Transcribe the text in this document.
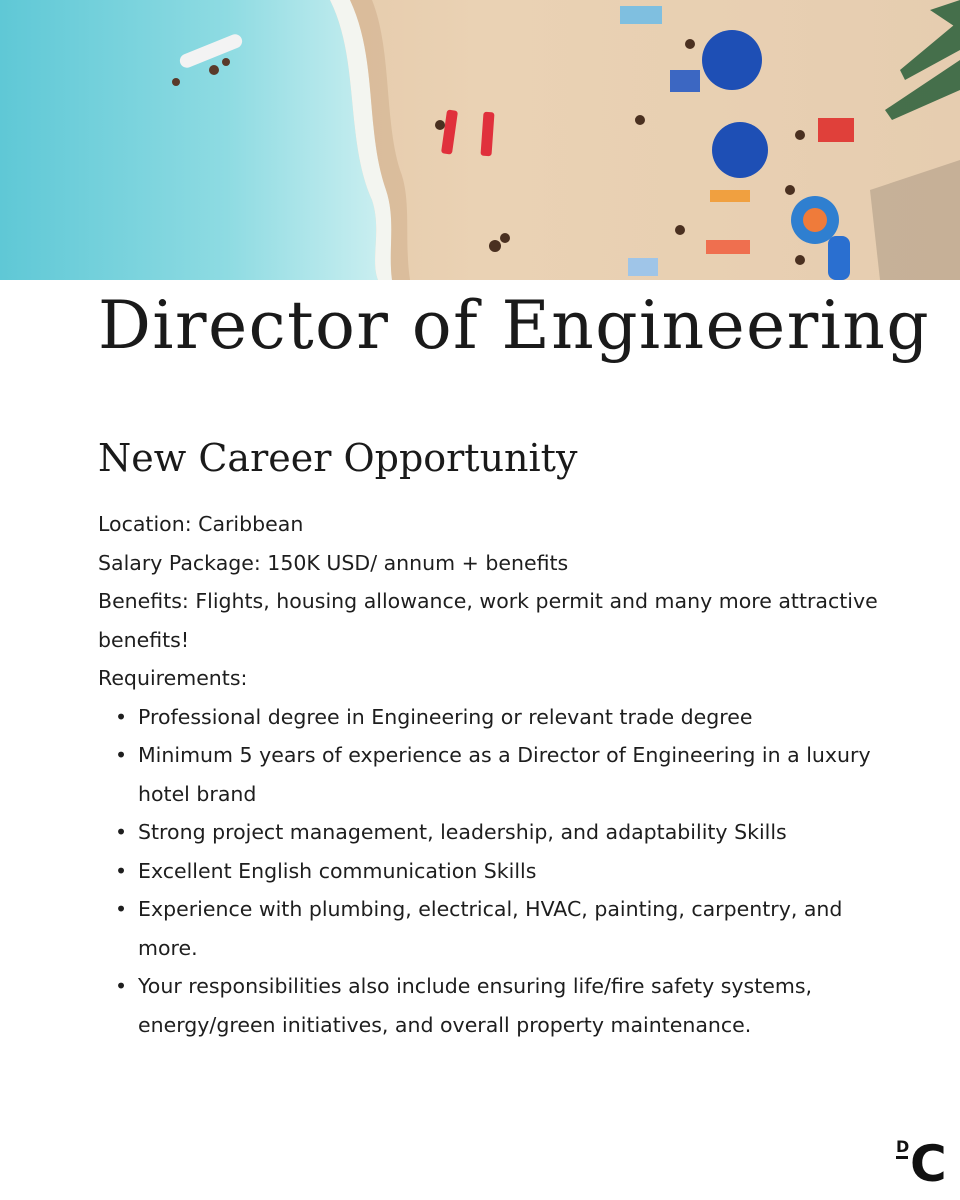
Director of Engineering
New Career Opportunity

Location: Caribbean

Salary Package: 150K USD/ annum + benefits

Benefits: Flights, housing allowance, work permit and many more attractive benefits!

Requirements:

• Professional degree in Engineering or relevant trade degree
• Minimum 5 years of experience as a Director of Engineering in a luxury hotel brand
• Strong project management, leadership, and adaptability Skills
• Excellent English communication Skills
• Experience with plumbing, electrical, HVAC, painting, carpentry, and more.
• Your responsibilities also include ensuring life/fire safety systems, energy/green initiatives, and overall property maintenance.
D C
